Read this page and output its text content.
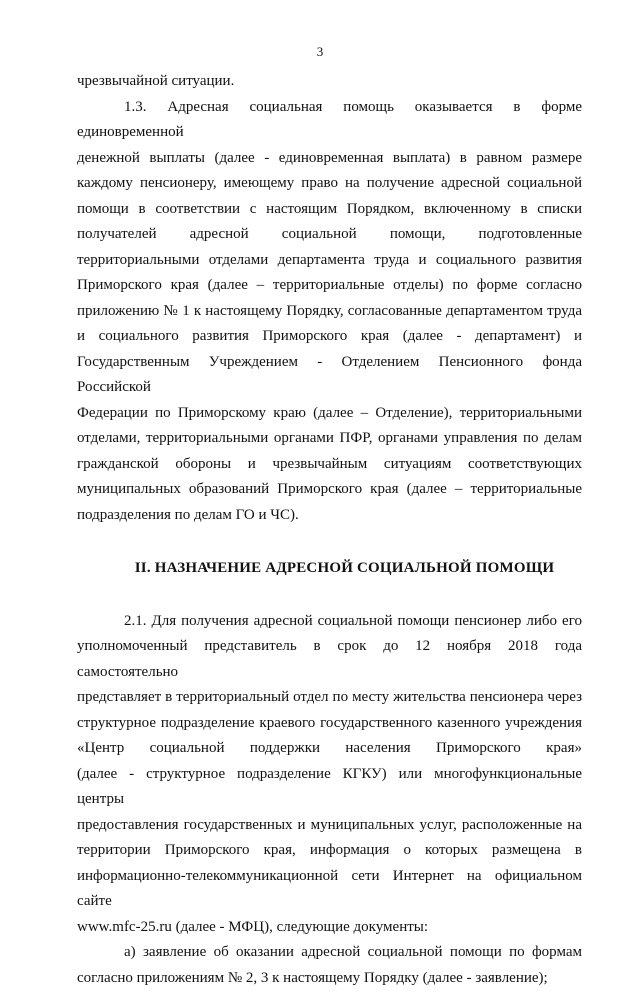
3
чрезвычайной ситуации.
1.3. Адресная социальная помощь оказывается в форме единовременной
денежной выплаты (далее - единовременная выплата) в равном размере
каждому пенсионеру, имеющему право на получение адресной социальной
помощи в соответствии с настоящим Порядком, включенному в списки
получателей адресной социальной помощи, подготовленные
территориальными отделами департамента труда и социального развития
Приморского края (далее – территориальные отделы) по форме согласно
приложению № 1 к настоящему Порядку, согласованные департаментом труда
и социального развития Приморского края (далее - департамент) и
Государственным Учреждением - Отделением Пенсионного фонда Российской
Федерации по Приморскому краю (далее – Отделение), территориальными
отделами, территориальными органами ПФР, органами управления по делам
гражданской обороны и чрезвычайным ситуациям соответствующих
муниципальных образований Приморского края (далее – территориальные
подразделения по делам ГО и ЧС).
II. НАЗНАЧЕНИЕ АДРЕСНОЙ СОЦИАЛЬНОЙ ПОМОЩИ
2.1. Для получения адресной социальной помощи пенсионер либо его
уполномоченный представитель в срок до 12 ноября 2018 года самостоятельно
представляет в территориальный отдел по месту жительства пенсионера через
структурное подразделение краевого государственного казенного учреждения
«Центр социальной поддержки населения Приморского края»
(далее - структурное подразделение КГКУ) или многофункциональные центры
предоставления государственных и муниципальных услуг, расположенные на
территории Приморского края, информация о которых размещена в
информационно-телекоммуникационной сети Интернет на официальном сайте
www.mfc-25.ru (далее - МФЦ), следующие документы:
а) заявление об оказании адресной социальной помощи по формам
согласно приложениям № 2, 3 к настоящему Порядку (далее - заявление);
